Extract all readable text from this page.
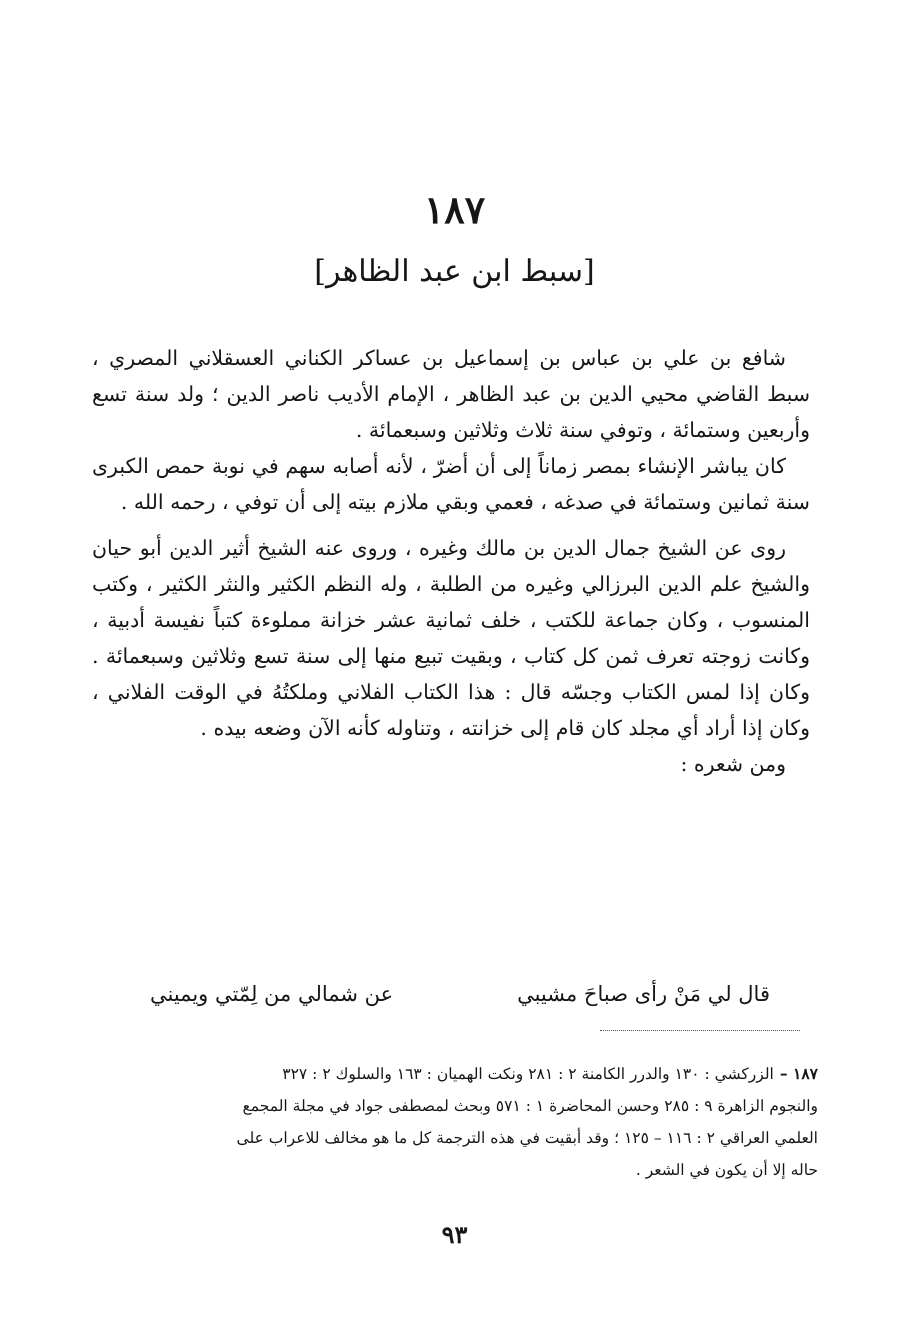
١٨٧
[سبط ابن عبد الظاهر]

شافع بن علي بن عباس بن إسماعيل بن عساكر الكناني العسقلاني المصري ، سبط القاضي محيي الدين بن عبد الظاهر ، الإمام الأديب ناصر الدين ؛ ولد سنة تسع وأربعين وستمائة ، وتوفي سنة ثلاث وثلاثين وسبعمائة .

كان يباشر الإنشاء بمصر زماناً إلى أن أضرّ ، لأنه أصابه سهم في نوبة حمص الكبرى سنة ثمانين وستمائة في صدغه ، فعمي وبقي ملازم بيته إلى أن توفي ، رحمه الله .

روى عن الشيخ جمال الدين بن مالك وغيره ، وروى عنه الشيخ أثير الدين أبو حيان والشيخ علم الدين البرزالي وغيره من الطلبة ، وله النظم الكثير والنثر الكثير ، وكتب المنسوب ، وكان جماعة للكتب ، خلف ثمانية عشر خزانة مملوءة كتباً نفيسة أدبية ، وكانت زوجته تعرف ثمن كل كتاب ، وبقيت تبيع منها إلى سنة تسع وثلاثين وسبعمائة . وكان إذا لمس الكتاب وجسّه قال : هذا الكتاب الفلاني وملكتُهُ في الوقت الفلاني ، وكان إذا أراد أي مجلد كان قام إلى خزانته ، وتناوله كأنه الآن وضعه بيده .

ومن شعره :

قال لي مَنْ رأى صباحَ مشيبي
عن شمالي من لِمّتي ويميني

١٨٧ –الزركشي : ١٣٠ والدرر الكامنة ٢ : ٢٨١ ونكت الهميان : ١٦٣ والسلوك ٢ : ٣٢٧

والنجوم الزاهرة ٩ : ٢٨٥ وحسن المحاضرة ١ : ٥٧١ وبحث لمصطفى جواد في مجلة المجمع

العلمي العراقي ٢ : ١١٦ – ١٢٥ ؛ وقد أبقيت في هذه الترجمة كل ما هو مخالف للاعراب على

حاله إلا أن يكون في الشعر .

٩٣
